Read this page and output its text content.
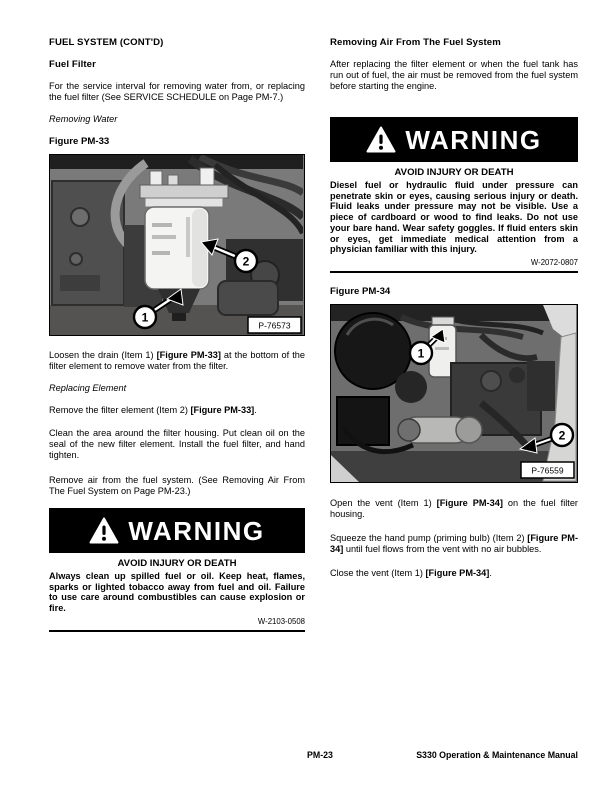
FUEL SYSTEM (CONT'D)
Fuel Filter

For the service interval for removing water from, or replacing the fuel filter (See SERVICE SCHEDULE on Page PM-7.)

Removing Water

Figure PM-33

2
1
P-76573

Loosen the drain (Item 1) [Figure PM-33] at the bottom of the filter element to remove water from the filter.

Replacing Element

Remove the filter element (Item 2) [Figure PM-33].

Clean the area around the filter housing. Put clean oil on the seal of the new filter element. Install the fuel filter, and hand tighten.

Remove air from the fuel system. (See Removing Air From The Fuel System on Page PM-23.)

WARNING

AVOID INJURY OR DEATH

Always clean up spilled fuel or oil. Keep heat, flames, sparks or lighted tobacco away from fuel and oil. Failure to use care around combustibles can cause explosion or fire.

W-2103-0508

Removing Air From The Fuel System

After replacing the filter element or when the fuel tank has run out of fuel, the air must be removed from the fuel system before starting the engine.

WARNING

AVOID INJURY OR DEATH

Diesel fuel or hydraulic fluid under pressure can penetrate skin or eyes, causing serious injury or death. Fluid leaks under pressure may not be visible. Use a piece of cardboard or wood to find leaks. Do not use your bare hand. Wear safety goggles. If fluid enters skin or eyes, get immediate medical attention from a physician familiar with this injury.

W-2072-0807

Figure PM-34

1
2
P-76559

Open the vent (Item 1) [Figure PM-34] on the fuel filter housing.

Squeeze the hand pump (priming bulb) (Item 2) [Figure PM-34] until fuel flows from the vent with no air bubbles.

Close the vent (Item 1) [Figure PM-34].

PM-23	S330 Operation & Maintenance Manual
